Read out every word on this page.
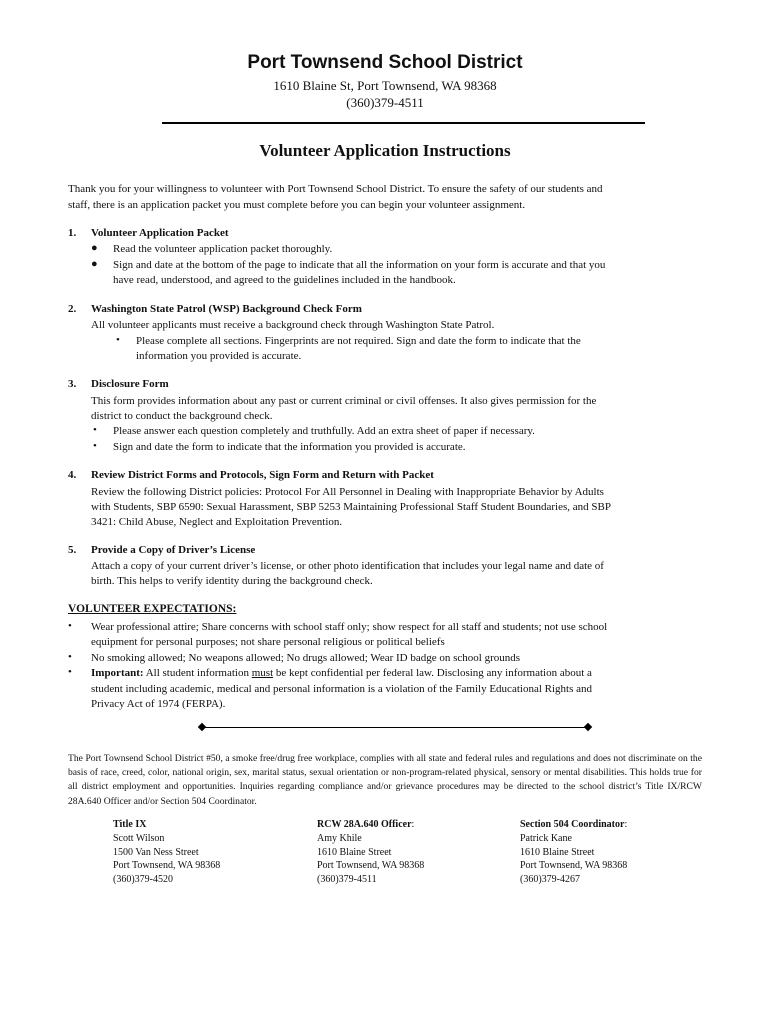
Port Townsend School District
1610 Blaine St, Port Townsend, WA 98368
(360)379-4511
Volunteer Application Instructions
Thank you for your willingness to volunteer with Port Townsend School District. To ensure the safety of our students and
staff, there is an application packet you must complete before you can begin your volunteer assignment.
1. Volunteer Application Packet
● Read the volunteer application packet thoroughly.
● Sign and date at the bottom of the page to indicate that all the information on your form is accurate and that you
have read, understood, and agreed to the guidelines included in the handbook.
2. Washington State Patrol (WSP) Background Check Form
All volunteer applicants must receive a background check through Washington State Patrol.
• Please complete all sections. Fingerprints are not required. Sign and date the form to indicate that the
information you provided is accurate.
3. Disclosure Form
This form provides information about any past or current criminal or civil offenses. It also gives permission for the
district to conduct the background check.
• Please answer each question completely and truthfully. Add an extra sheet of paper if necessary.
• Sign and date the form to indicate that the information you provided is accurate.
4. Review District Forms and Protocols, Sign Form and Return with Packet
Review the following District policies: Protocol For All Personnel in Dealing with Inappropriate Behavior by Adults
with Students, SBP 6590: Sexual Harassment, SBP 5253 Maintaining Professional Staff Student Boundaries, and SBP
3421: Child Abuse, Neglect and Exploitation Prevention.
5. Provide a Copy of Driver’s License
Attach a copy of your current driver’s license, or other photo identification that includes your legal name and date of
birth. This helps to verify identity during the background check.
VOLUNTEER EXPECTATIONS:
• Wear professional attire; Share concerns with school staff only; show respect for all staff and students; not use school
equipment for personal purposes; not share personal religious or political beliefs
• No smoking allowed; No weapons allowed; No drugs allowed; Wear ID badge on school grounds
• Important: All student information must be kept confidential per federal law. Disclosing any information about a
student including academic, medical and personal information is a violation of the Family Educational Rights and
Privacy Act of 1974 (FERPA).
The Port Townsend School District #50, a smoke free/drug free workplace, complies with all state and federal rules and regulations and does not discriminate on the basis of race, creed, color, national origin, sex, marital status, sexual orientation or non-program-related physical, sensory or mental disabilities. This holds true for all district employment and opportunities. Inquiries regarding compliance and/or grievance procedures may be directed to the school district’s Title IX/RCW 28A.640 Officer and/or Section 504 Coordinator.
Title IX
Scott Wilson
1500 Van Ness Street
Port Townsend, WA 98368
(360)379-4520
RCW 28A.640 Officer:
Amy Khile
1610 Blaine Street
Port Townsend, WA 98368
(360)379-4511
Section 504 Coordinator:
Patrick Kane
1610 Blaine Street
Port Townsend, WA 98368
(360)379-4267
